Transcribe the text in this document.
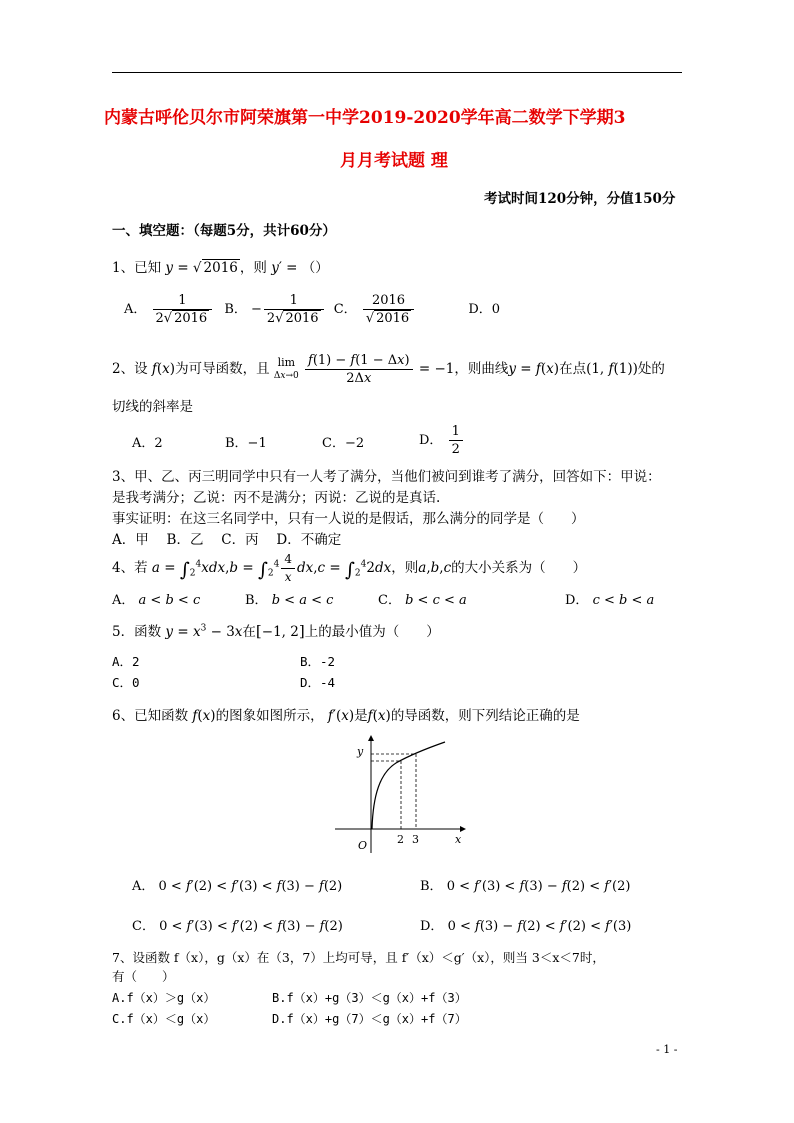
内蒙古呼伦贝尔市阿荣旗第一中学2019-2020学年高二数学下学期3
月月考试题 理
考试时间120分钟，分值150分
一、填空题：（每题5分，共计60分）
1、已知 y = √ 2016 ，则 y′ = （）
A． $\frac{1}{2√ 2016}$ B． − $\frac{1}{2√ 2016}$ C． $\frac{2016}{√ 2016}$	D．0
2、设 f(x)为可导函数，且 lim
$\Delta x\to 0 \frac{f(1) - f(1 - \Delta x)}{2\Delta x} = -1$，则曲线y = f(x)在点(1, f(1))处的
切线的斜率是
A．2	B．−1	C．−2	D． $\frac{1}{2}$
3、甲、乙、丙三明同学中只有一人考了满分，当他们被问到谁考了满分，回答如下：甲说：
是我考满分；乙说：丙不是满分；丙说：乙说的是真话.
事实证明：在这三名同学中，只有一人说的是假话，那么满分的同学是（　　）
A．甲　 B．乙　 C．丙　 D．不确定
4、若 $a = \int_2^4xdx,b = \int_2^4 \frac{4}{x} dx,c = \int_2^42dx$，则a,b,c的大小关系为（　　）
A． a < b < c	B． b < a < c	C． b < c < a	D． c < b < a
5．函数 $y = x^3 - 3x$在[−1, 2]上的最小值为（　　）
A．2	B．-2
C．0	D．-4
6、已知函数 f(x)的图象如图所示， f′(x)是f(x)的导函数，则下列结论正确的是
y
x
O	2 3
A． 0 < f′(2) < f′(3) < f(3) − f(2)	B． 0 < f′(3) < f(3) − f(2) < f′(2)
C． 0 < f′(3) < f′(2) < f(3) − f(2)	D． 0 < f(3) − f(2) < f′(2) < f′(3)
7、设函数 f（x），g（x）在（3，7）上均可导，且 f′（x）＜g′（x），则当 3＜x＜7时，
有（　　）
A.f（x）＞g（x）	B.f（x）+g（3）＜g（x）+f（3）
C.f（x）＜g（x）	D.f（x）+g（7）＜g（x）+f（7）
- 1 -
